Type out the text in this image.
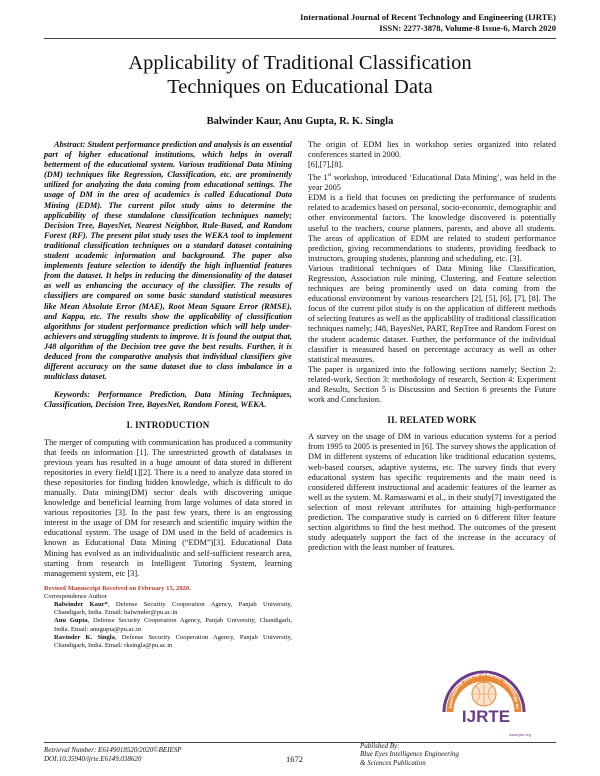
International Journal of Recent Technology and Engineering (IJRTE)
ISSN: 2277-3878, Volume-8 Issue-6, March 2020
Applicability of Traditional Classification
Techniques on Educational Data
Balwinder Kaur, Anu Gupta, R. K. Singla

Abstract: Student performance prediction and analysis is an essential part of higher educational institutions, which helps in overall betterment of the educational system. Various traditional Data Mining (DM) techniques like Regression, Classification, etc. are prominently utilized for analyzing the data coming from educational settings. The usage of DM in the area of academics is called Educational Data Mining (EDM). The current pilot study aims to determine the applicability of these standalone classification techniques namely; Decision Tree, BayesNet, Nearest Neighbor, Rule-Based, and Random Forest (RF). The present pilot study uses the WEKA tool to implement traditional classification techniques on a standard dataset containing student academic information and background. The paper also implements feature selection to identify the high influential features from the dataset. It helps in reducing the dimensionality of the dataset as well as enhancing the accuracy of the classifier. The results of classifiers are compared on some basic standard statistical measures like Mean Absolute Error (MAE), Root Mean Square Error (RMSE), and Kappa, etc. The results show the applicability of classification algorithms for student performance prediction which will help under-achievers and struggling students to improve. It is found the output that, J48 algorithm of the Decision tree gave the best results. Further, it is deduced from the comparative analysis that individual classifiers give different accuracy on the same dataset due to class imbalance in a multiclass dataset.

Keywords: Performance Prediction, Data Mining Techniques, Classification, Decision Tree, BayesNet, Random Forest, WEKA.

I. INTRODUCTION

The merger of computing with communication has produced a community that feeds on information [1]. The unrestricted growth of databases in previous years has resulted in a huge amount of data stored in different repositories in every field[1][2]. There is a need to analyze data stored in these repositories for finding hidden knowledge, which is difficult to do manually. Data mining(DM) sector deals with discovering unique knowledge and beneficial learning from large volumes of data stored in various repositories [3]. In the past few years, there is an engrossing interest in the usage of DM for research and scientific inquiry within the educational system. The usage of DM used in the field of academics is known as Educational Data Mining (“EDM”)[3]. Educational Data Mining has evolved as an individualistic and self-sufficient research area, starting from research in Intelligent Tutoring System, learning management system, etc [3].

Revised Manuscript Received on February 15, 2020.
Correspondence Author
Balwinder Kaur*, Defense Security Cooperation Agency, Panjab University, Chandigarh, India. Email: balwinder@pu.ac.in
Anu Gupta, Defense Security Cooperation Agency, Panjab University, Chandigarh, India. Email: anugupta@pu.ac.in
Ravinder K. Singla, Defense Security Cooperation Agency, Panjab University, Chandigarh, India. Email: rksingla@pu.ac.in

The origin of EDM lies in workshop series organized into related conferences started in 2000.

[6],[7],[8].

The 1st workshop, introduced ‘Educational Data Mining’, was held in the year 2005

EDM is a field that focuses on predicting the performance of students related to academics based on personal, socio-economic, demographic and other environmental factors. The knowledge discovered is potentially useful to the teachers, course planners, parents, and above all students. The areas of application of EDM are related to student performance prediction, giving recommendations to students, providing feedback to instructors, grouping students, planning and scheduling, etc. [3].

Various traditional techniques of Data Mining like Classification, Regression, Association rule mining, Clustering, and Feature selection techniques are being prominently used on data coming from the educational environment by various researchers [2], [5], [6], [7], [8]. The focus of the current pilot study is on the application of different methods of selecting features as well as the applicability of traditional classification techniques namely; J48, BayesNet, PART, RepTree and Random Forest on the student academic dataset. Further, the performance of the individual classifier is measured based on percentage accuracy as well as other statistical measures.

The paper is organized into the following sections namely; Section 2: related-work, Section 3: methodology of research, Section 4: Experiment and Results, Section 5 is Discussion and Section 6 presents the Future work and Conclusion.

II. RELATED WORK

A survey on the usage of DM in various education systems for a period from 1995 to 2005 is presented in [6]. The survey shows the application of DM in different systems of education like traditional education systems, web-based courses, adaptive systems, etc. The survey finds that every educational system has specific requirements and the main need is considered different instructional and academic features of the learner as well as the system. M. Ramaswami et al., in their study[7] investigated the selection of most relevant attributes for attaining high-performance prediction. The comparative study is carried on 6 different filter feature section algorithms to find the best method. The outcomes of the present study adequately support the fact of the increase in the accuracy of prediction with the least number of features.

International Journal of Recent Technology an
IJRTE
www.ijrte.org
Retrieval Number: E6149018520/2020©BEIESP
DOI:10.35940/ijrte.E6149.038620	1672
Published By:
Blue Eyes Intelligence Engineering
& Sciences Publication
